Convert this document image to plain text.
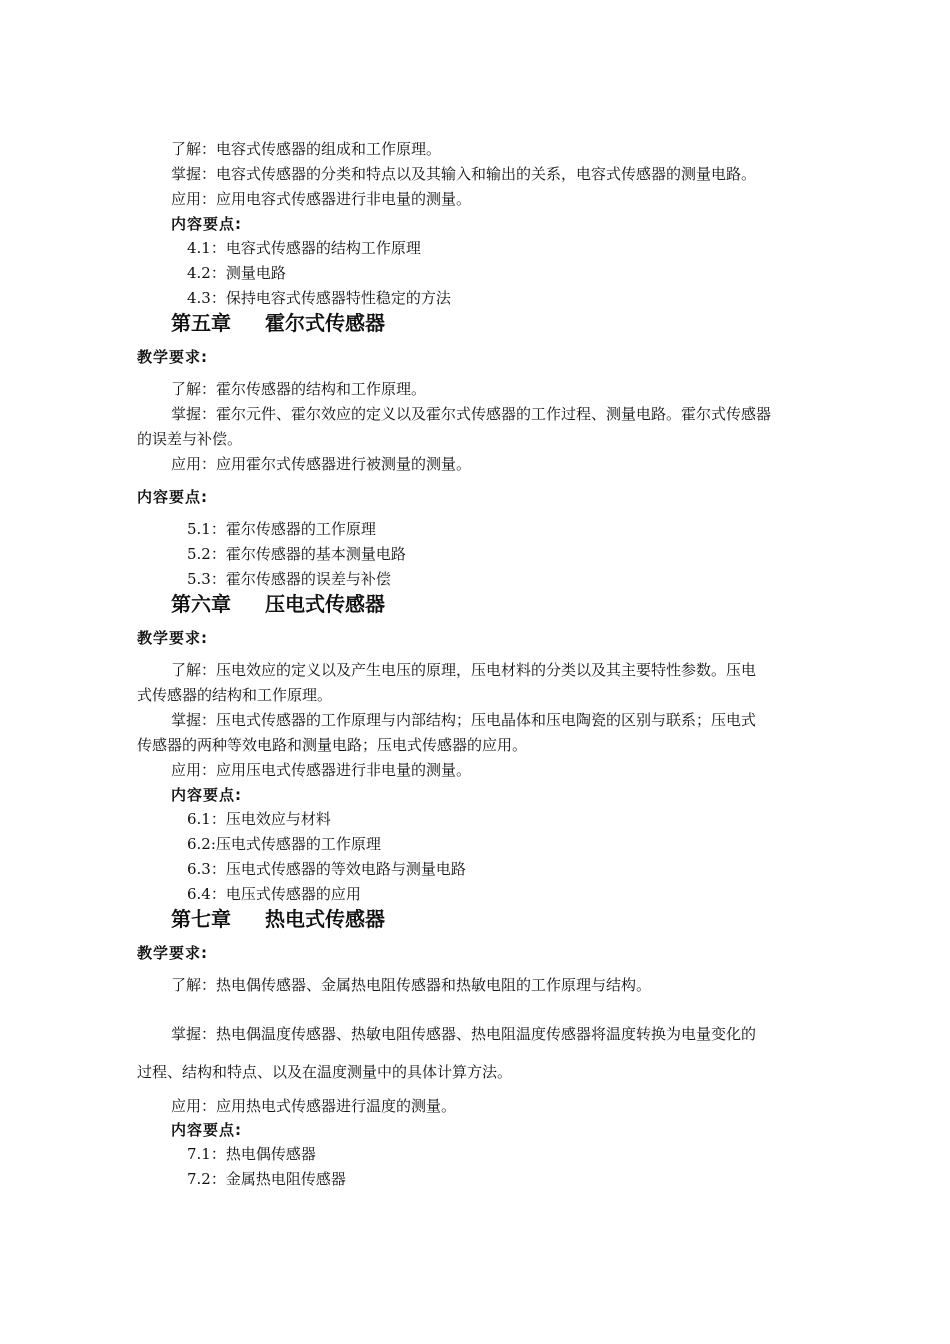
了解：电容式传感器的组成和工作原理。
掌握：电容式传感器的分类和特点以及其输入和输出的关系，电容式传感器的测量电路。
应用：应用电容式传感器进行非电量的测量。
内容要点:
4.1：电容式传感器的结构工作原理
4.2：测量电路
4.3：保持电容式传感器特性稳定的方法
第五章 霍尔式传感器
教学要求:
了解：霍尔传感器的结构和工作原理。
掌握：霍尔元件、霍尔效应的定义以及霍尔式传感器的工作过程、测量电路。霍尔式传感器
的误差与补偿。
应用：应用霍尔式传感器进行被测量的测量。
内容要点:
5.1：霍尔传感器的工作原理
5.2：霍尔传感器的基本测量电路
5.3：霍尔传感器的误差与补偿
第六章 压电式传感器
教学要求:
了解：压电效应的定义以及产生电压的原理，压电材料的分类以及其主要特性参数。压电
式传感器的结构和工作原理。
掌握：压电式传感器的工作原理与内部结构；压电晶体和压电陶瓷的区别与联系；压电式
传感器的两种等效电路和测量电路；压电式传感器的应用。
应用：应用压电式传感器进行非电量的测量。
内容要点:
6.1：压电效应与材料
6.2:压电式传感器的工作原理
6.3：压电式传感器的等效电路与测量电路
6.4：电压式传感器的应用
第七章 热电式传感器
教学要求:
了解：热电偶传感器、金属热电阻传感器和热敏电阻的工作原理与结构。
掌握：热电偶温度传感器、热敏电阻传感器、热电阻温度传感器将温度转换为电量变化的
过程、结构和特点、以及在温度测量中的具体计算方法。
应用：应用热电式传感器进行温度的测量。
内容要点:
7.1：热电偶传感器
7.2：金属热电阻传感器
